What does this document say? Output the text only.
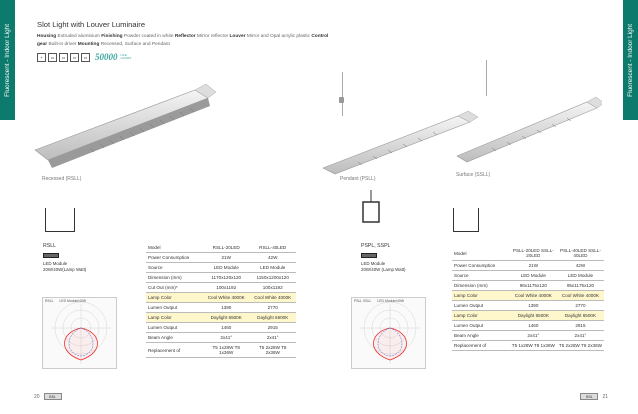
Fluorescent - Indoor Light	Fluorescent - Indoor Light
Slot Light with Louver Luminaire
Housing Extruded aluminium Finishing Powder coated in white Reflector Mirror reflector Louver Mirror and Opal acrylic plastic Control gear Built-in driver Mounting Recessed, Surface and Pendant
+	▭	▭	▭	▭ 50000 LIFE HOURS
Recessed (RSLL)	Pendant (PSLL)
Surface (SSLL)
RSLL
LED Module
20W/40W(Lamp Watt)
RSLL LED Module/40W
Model	RSLL-20LED	RSLL-40LED
Power Consumption	21W	42W
Source	LED Module	LED Module
Dimension (mm)	1170x120x120	1150x1200x120
Cut Out (mm)*	100x1192	100x1192
Lamp Color	Cool White 4000K	Cool White 4000K
Lumen Output	1390	2770
Lamp Color	Daylight 6500K	Daylight 6500K
Lumen Output	1460	2915
Beam Angle	2x41°	2x41°
Replacement of	T5 1x28W T8 1x36W	T5 2x28W T8 2x36W
PSPL, SSPL
LED Module
20W/40W (Lamp Watt)
PSLL SSLL LED Module/40W
Model	PSLL-20LED SSLL-20LED	PSLL-40LED SSLL-40LED
Power Consumption	21W	42W
Source	LED Module	LED Module
Dimension (mm)	96x1175x120	95x1175x120
Lamp Color	Cool White 4000K	Cool White 4000K
Lumen Output	1390	2770
Lamp Color	Daylight 6500K	Daylight 6500K
Lumen Output	1460	2915
Beam Angle	2x41°	2x41°
Replacement of	T5 1x28W T8 1x36W	T5 2x28W T8 2x36W
20	BSL	BSL	21
